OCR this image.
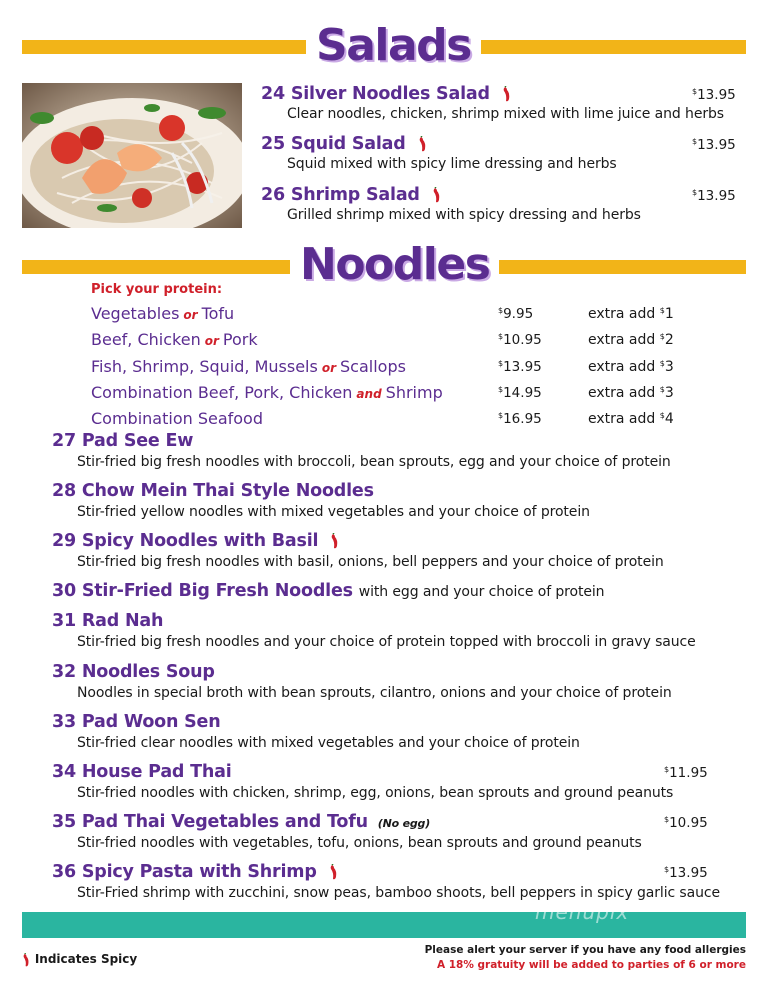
Salads
24 Silver Noodles Salad	$13.95
Clear noodles, chicken, shrimp mixed with lime juice and herbs
25 Squid Salad	$13.95
Squid mixed with spicy lime dressing and herbs
26 Shrimp Salad	$13.95
Grilled shrimp mixed with spicy dressing and herbs
Noodles
Pick your protein:
Vegetables or Tofu	$9.95	extra add $1
Beef, Chicken or Pork	$10.95	extra add $2
Fish, Shrimp, Squid, Mussels or Scallops	$13.95	extra add $3
Combination Beef, Pork, Chicken and Shrimp	$14.95	extra add $3
Combination Seafood	$16.95	extra add $4
27 Pad See Ew
Stir-fried big fresh noodles with broccoli, bean sprouts, egg and your choice of protein
28 Chow Mein Thai Style Noodles
Stir-fried yellow noodles with mixed vegetables and your choice of protein
29 Spicy Noodles with Basil
Stir-fried big fresh noodles with basil, onions, bell peppers and your choice of protein
30 Stir-Fried Big Fresh Noodles with egg and your choice of protein
31 Rad Nah
Stir-fried big fresh noodles and your choice of protein topped with broccoli in gravy sauce
32 Noodles Soup
Noodles in special broth with bean sprouts, cilantro, onions and your choice of protein
33 Pad Woon Sen
Stir-fried clear noodles with mixed vegetables and your choice of protein
34 House Pad Thai	$11.95
Stir-fried noodles with chicken, shrimp, egg, onions, bean sprouts and ground peanuts
35 Pad Thai Vegetables and Tofu (No egg)	$10.95
Stir-fried noodles with vegetables, tofu, onions, bean sprouts and ground peanuts
36 Spicy Pasta with Shrimp	$13.95
Stir-Fried shrimp with zucchini, snow peas, bamboo shoots, bell peppers in spicy garlic sauce
menupix
Indicates Spicy
Please alert your server if you have any food allergies
A 18% gratuity will be added to parties of 6 or more
